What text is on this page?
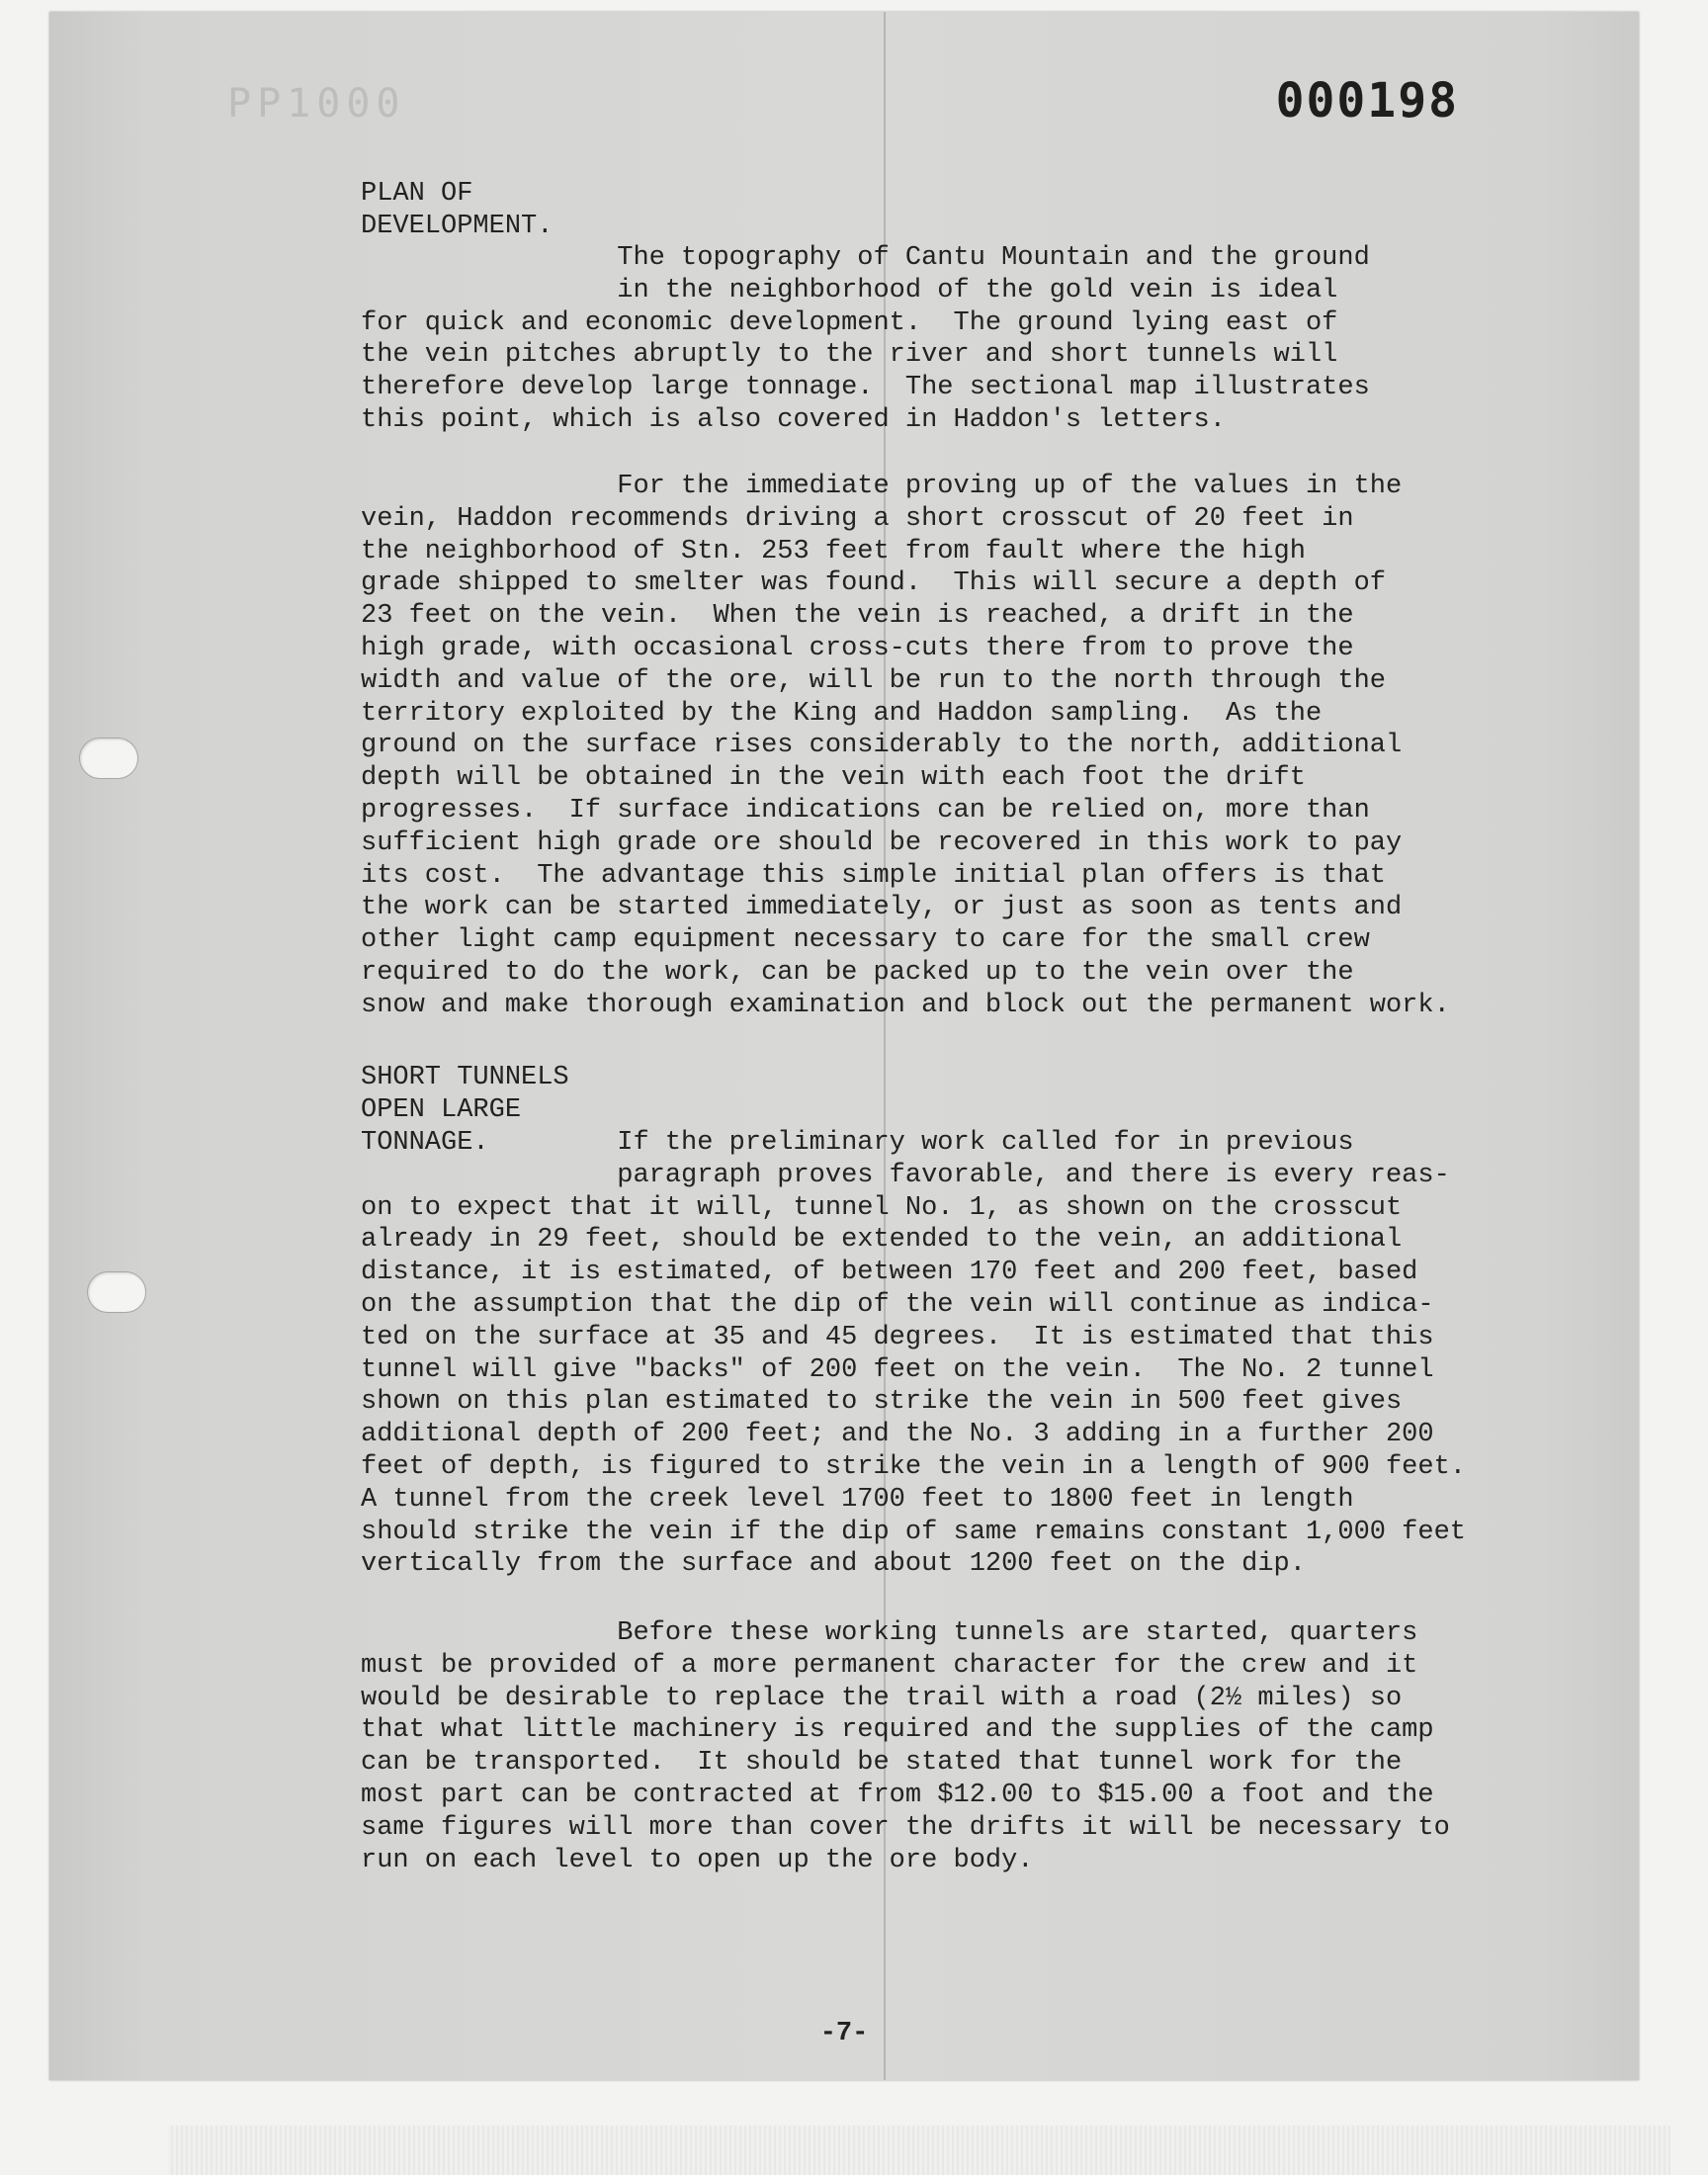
PP1000	000198
PLAN OF
DEVELOPMENT.
The topography of Cantu Mountain and the ground
in the neighborhood of the gold vein is ideal
for quick and economic development.  The ground lying east of
the vein pitches abruptly to the river and short tunnels will
therefore develop large tonnage.  The sectional map illustrates
this point, which is also covered in Haddon's letters.
For the immediate proving up of the values in the
vein, Haddon recommends driving a short crosscut of 20 feet in
the neighborhood of Stn. 253 feet from fault where the high
grade shipped to smelter was found.  This will secure a depth of
23 feet on the vein.  When the vein is reached, a drift in the
high grade, with occasional cross-cuts there from to prove the
width and value of the ore, will be run to the north through the
territory exploited by the King and Haddon sampling.  As the
ground on the surface rises considerably to the north, additional
depth will be obtained in the vein with each foot the drift
progresses.  If surface indications can be relied on, more than
sufficient high grade ore should be recovered in this work to pay
its cost.  The advantage this simple initial plan offers is that
the work can be started immediately, or just as soon as tents and
other light camp equipment necessary to care for the small crew
required to do the work, can be packed up to the vein over the
snow and make thorough examination and block out the permanent work.
SHORT TUNNELS
OPEN LARGE
TONNAGE.        If the preliminary work called for in previous
paragraph proves favorable, and there is every reas-
on to expect that it will, tunnel No. 1, as shown on the crosscut
already in 29 feet, should be extended to the vein, an additional
distance, it is estimated, of between 170 feet and 200 feet, based
on the assumption that the dip of the vein will continue as indica-
ted on the surface at 35 and 45 degrees.  It is estimated that this
tunnel will give "backs" of 200 feet on the vein.  The No. 2 tunnel
shown on this plan estimated to strike the vein in 500 feet gives
additional depth of 200 feet; and the No. 3 adding in a further 200
feet of depth, is figured to strike the vein in a length of 900 feet.
A tunnel from the creek level 1700 feet to 1800 feet in length
should strike the vein if the dip of same remains constant 1,000 feet
vertically from the surface and about 1200 feet on the dip.
Before these working tunnels are started, quarters
must be provided of a more permanent character for the crew and it
would be desirable to replace the trail with a road (2½ miles) so
that what little machinery is required and the supplies of the camp
can be transported.  It should be stated that tunnel work for the
most part can be contracted at from $12.00 to $15.00 a foot and the
same figures will more than cover the drifts it will be necessary to
run on each level to open up the ore body.
-7-
